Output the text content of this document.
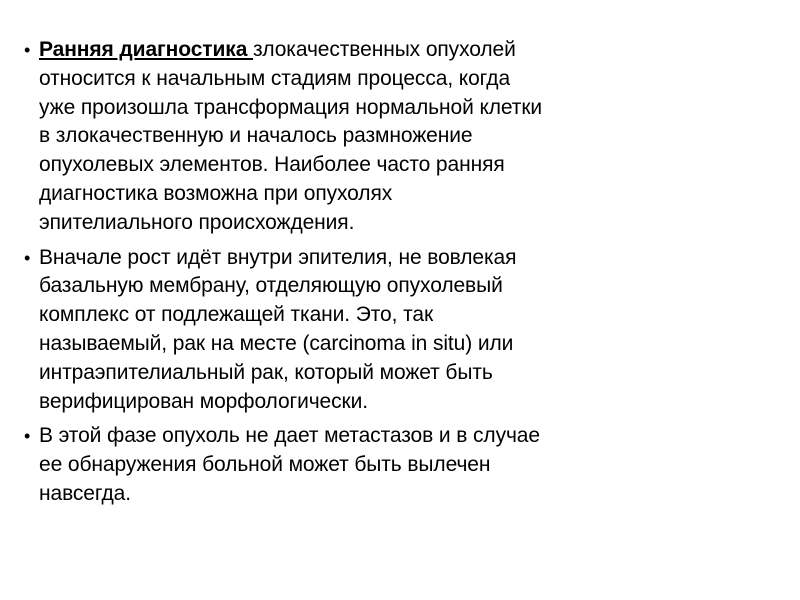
• Ранняя диагностика злокачественных опухолей
относится к начальным стадиям процесса, когда
уже произошла трансформация нормальной клетки
в злокачественную и началось размножение
опухолевых элементов. Наиболее часто ранняя
диагностика возможна при опухолях
эпителиального происхождения.
• Вначале рост идёт внутри эпителия, не вовлекая
базальную мембрану, отделяющую опухолевый
комплекс от подлежащей ткани. Это, так
называемый, рак на месте (carcinoma in situ) или
интраэпителиальный рак, который может быть
верифицирован морфологически.
• В этой фазе опухоль не дает метастазов и в случае
ее обнаружения больной может быть вылечен
навсегда.
